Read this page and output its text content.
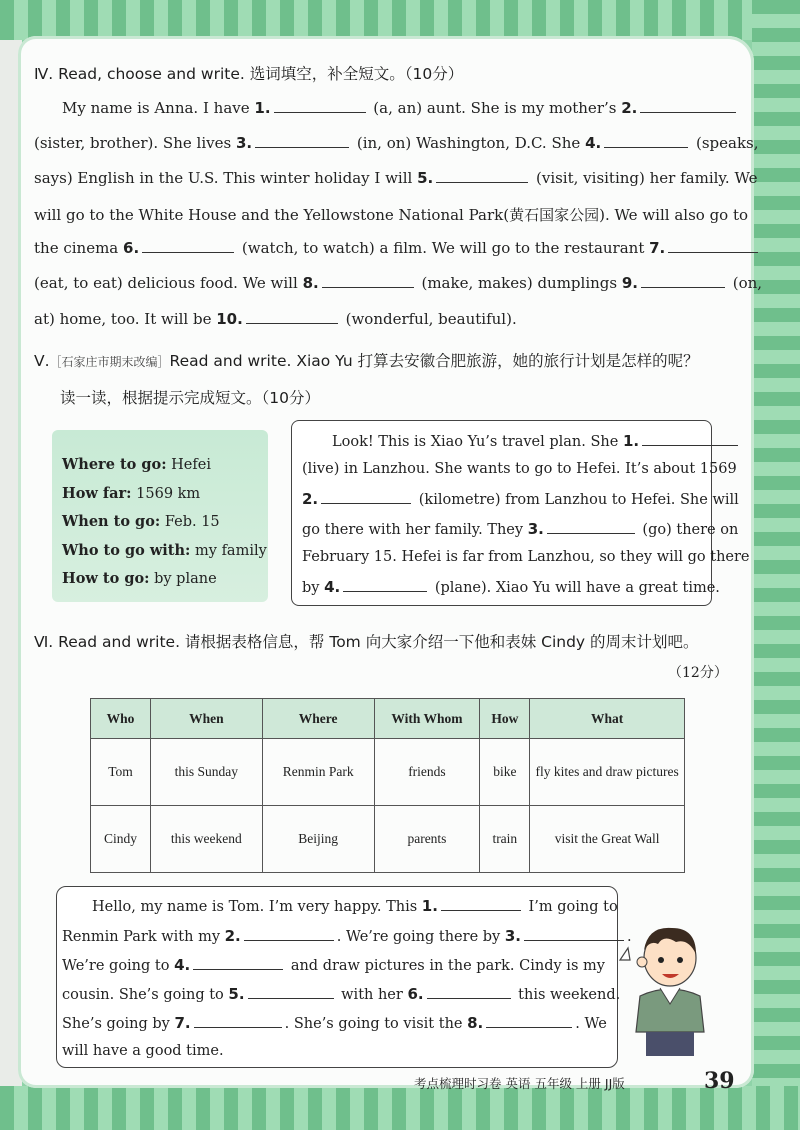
Ⅳ. Read, choose and write. 选词填空，补全短文。（10分）
My name is Anna. I have 1.	(a, an) aunt. She is my mother’s 2.
(sister, brother). She lives 3.	(in, on) Washington, D.C. She 4.	(speaks,
says) English in the U.S. This winter holiday I will 5.	(visit, visiting) her family. We
will go to the White House and the Yellowstone National Park(黄石国家公园). We will also go to
the cinema 6.	(watch, to watch) a film. We will go to the restaurant 7.
(eat, to eat) delicious food. We will 8.	(make, makes) dumplings 9.	(on,
at) home, too. It will be 10.	(wonderful, beautiful).
Ⅴ.［石家庄市期末改编］Read and write. Xiao Yu 打算去安徽合肥旅游，她的旅行计划是怎样的呢？
读一读，根据提示完成短文。（10分）
Where to go: Hefei
How far: 1569 km
When to go: Feb. 15
Who to go with: my family
How to go: by plane
Look! This is Xiao Yu’s travel plan. She 1.
(live) in Lanzhou. She wants to go to Hefei. It’s about 1569
2.	(kilometre) from Lanzhou to Hefei. She will
go there with her family. They 3.	(go) there on
February 15. Hefei is far from Lanzhou, so they will go there
by 4.	(plane). Xiao Yu will have a great time.
Ⅵ. Read and write. 请根据表格信息，帮 Tom 向大家介绍一下他和表妹 Cindy 的周末计划吧。
（12分）
Who	When	Where	With Whom	How	What
Tom	this Sunday	Renmin Park	friends	bike	fly kites and draw pictures
Cindy	this weekend	Beijing	parents	train	visit the Great Wall
Hello, my name is Tom. I’m very happy. This 1.	I’m going to
Renmin Park with my 2.	. We’re going there by 3.	.
We’re going to 4.	and draw pictures in the park. Cindy is my
cousin. She’s going to 5.	with her 6.	this weekend.
She’s going by 7.	. She’s going to visit the 8.	. We
will have a good time.
考点梳理时习卷 英语 五年级 上册 JJ版	39
